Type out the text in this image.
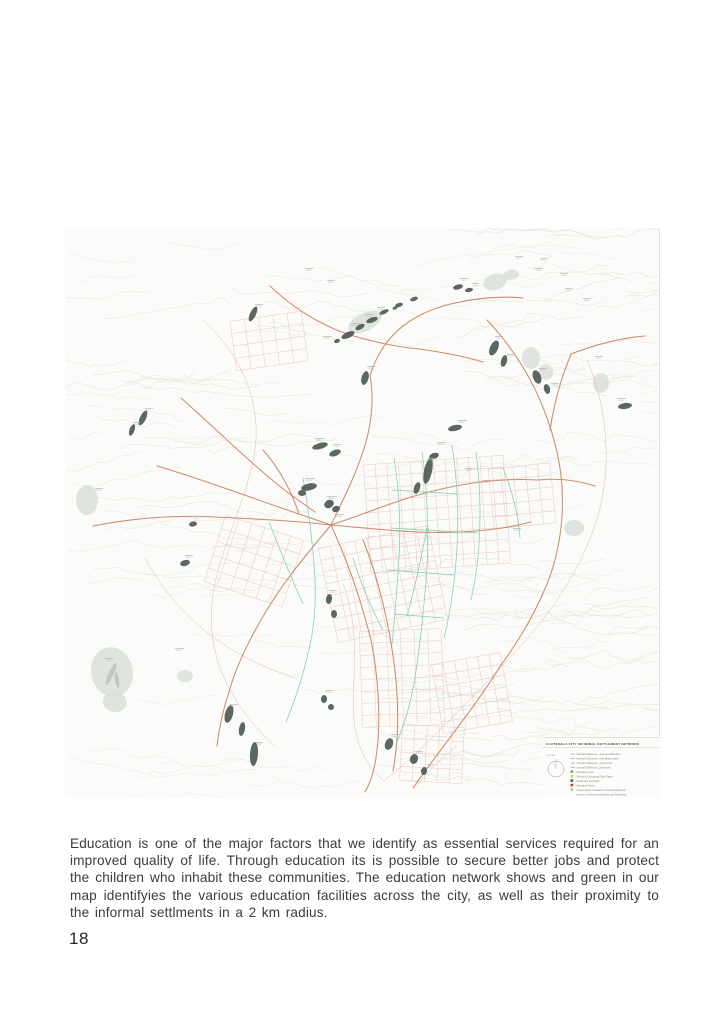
GUATEMALA CITY INFORMAL SETTLEMENT NETWORK
0 1 2 KM	Informal Settlements - Access to Education
Informal Settlements - New Opportunities
Informal Settlements - Hyper Local
Informal Settlements Connectivity
Education center
Schools & Educational Open Space
Health care and Parks
Education Facility
Context Areas occupied by Informal Settlements
Access to Settlement (Education and Recreation)

Education is one of the major factors that we identify as essential services required for an improved quality of life. Through education its is possible to secure better jobs and protect the children who inhabit these communities. The education network shows and green in our map identifyies the various education facilities across the city, as well as their proximity to the informal settlments in a 2 km radius.

18
